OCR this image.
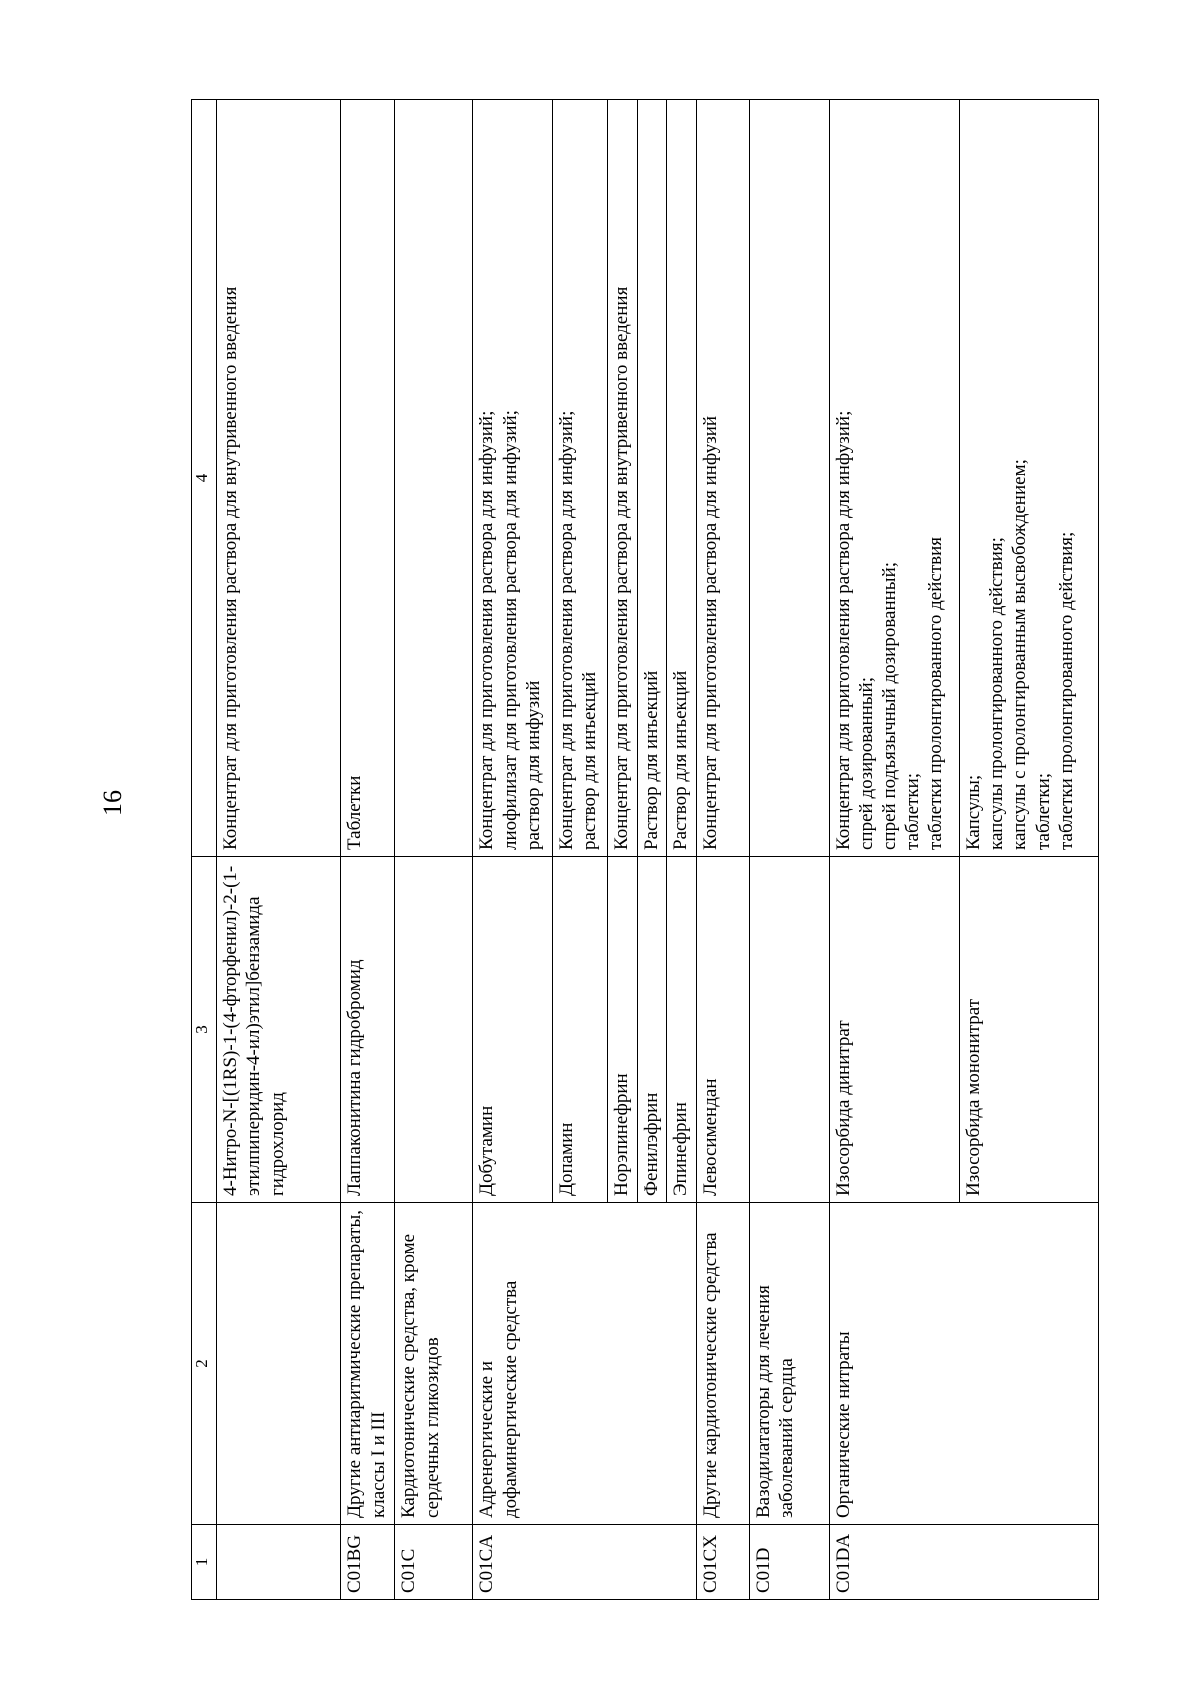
16
1	2	3	4
		4-Нитро-N-[(1RS)-1-(4-фторфенил)-2-(1-этилпиперидин-4-ил)этил]бензамида гидрохлорид	Концентрат для приготовления раствора для внутривенного введения

C01BG	Другие антиаритмические препараты, классы I и III	Лаппаконитина гидробромид	Таблетки

C01C	Кардиотонические средства, кроме сердечных гликозидов		
C01CA	Адренергические и дофаминергические средства	Добутамин	Концентрат для приготовления раствора для инфузий; лиофилизат для приготовления раствора для инфузий; раствор для инфузий

		Допамин	Концентрат для приготовления раствора для инфузий; раствор для инъекций

		Норэпинефрин	Концентрат для приготовления раствора для внутривенного введения

		Фенилэфрин	Раствор для инъекций

		Эпинефрин	Раствор для инъекций

C01CX	Другие кардиотонические средства	Левосимендан	Концентрат для приготовления раствора для инфузий

C01D	Вазодилататоры для лечения заболеваний сердца		
C01DA	Органические нитраты	Изосорбида динитрат	Концентрат для приготовления раствора для инфузий; спрей дозированный; спрей подъязычный дозированный; таблетки; таблетки пролонгированного действия

		Изосорбида мононитрат	Капсулы; капсулы пролонгированного действия; капсулы с пролонгированным высвобождением; таблетки; таблетки пролонгированного действия;
